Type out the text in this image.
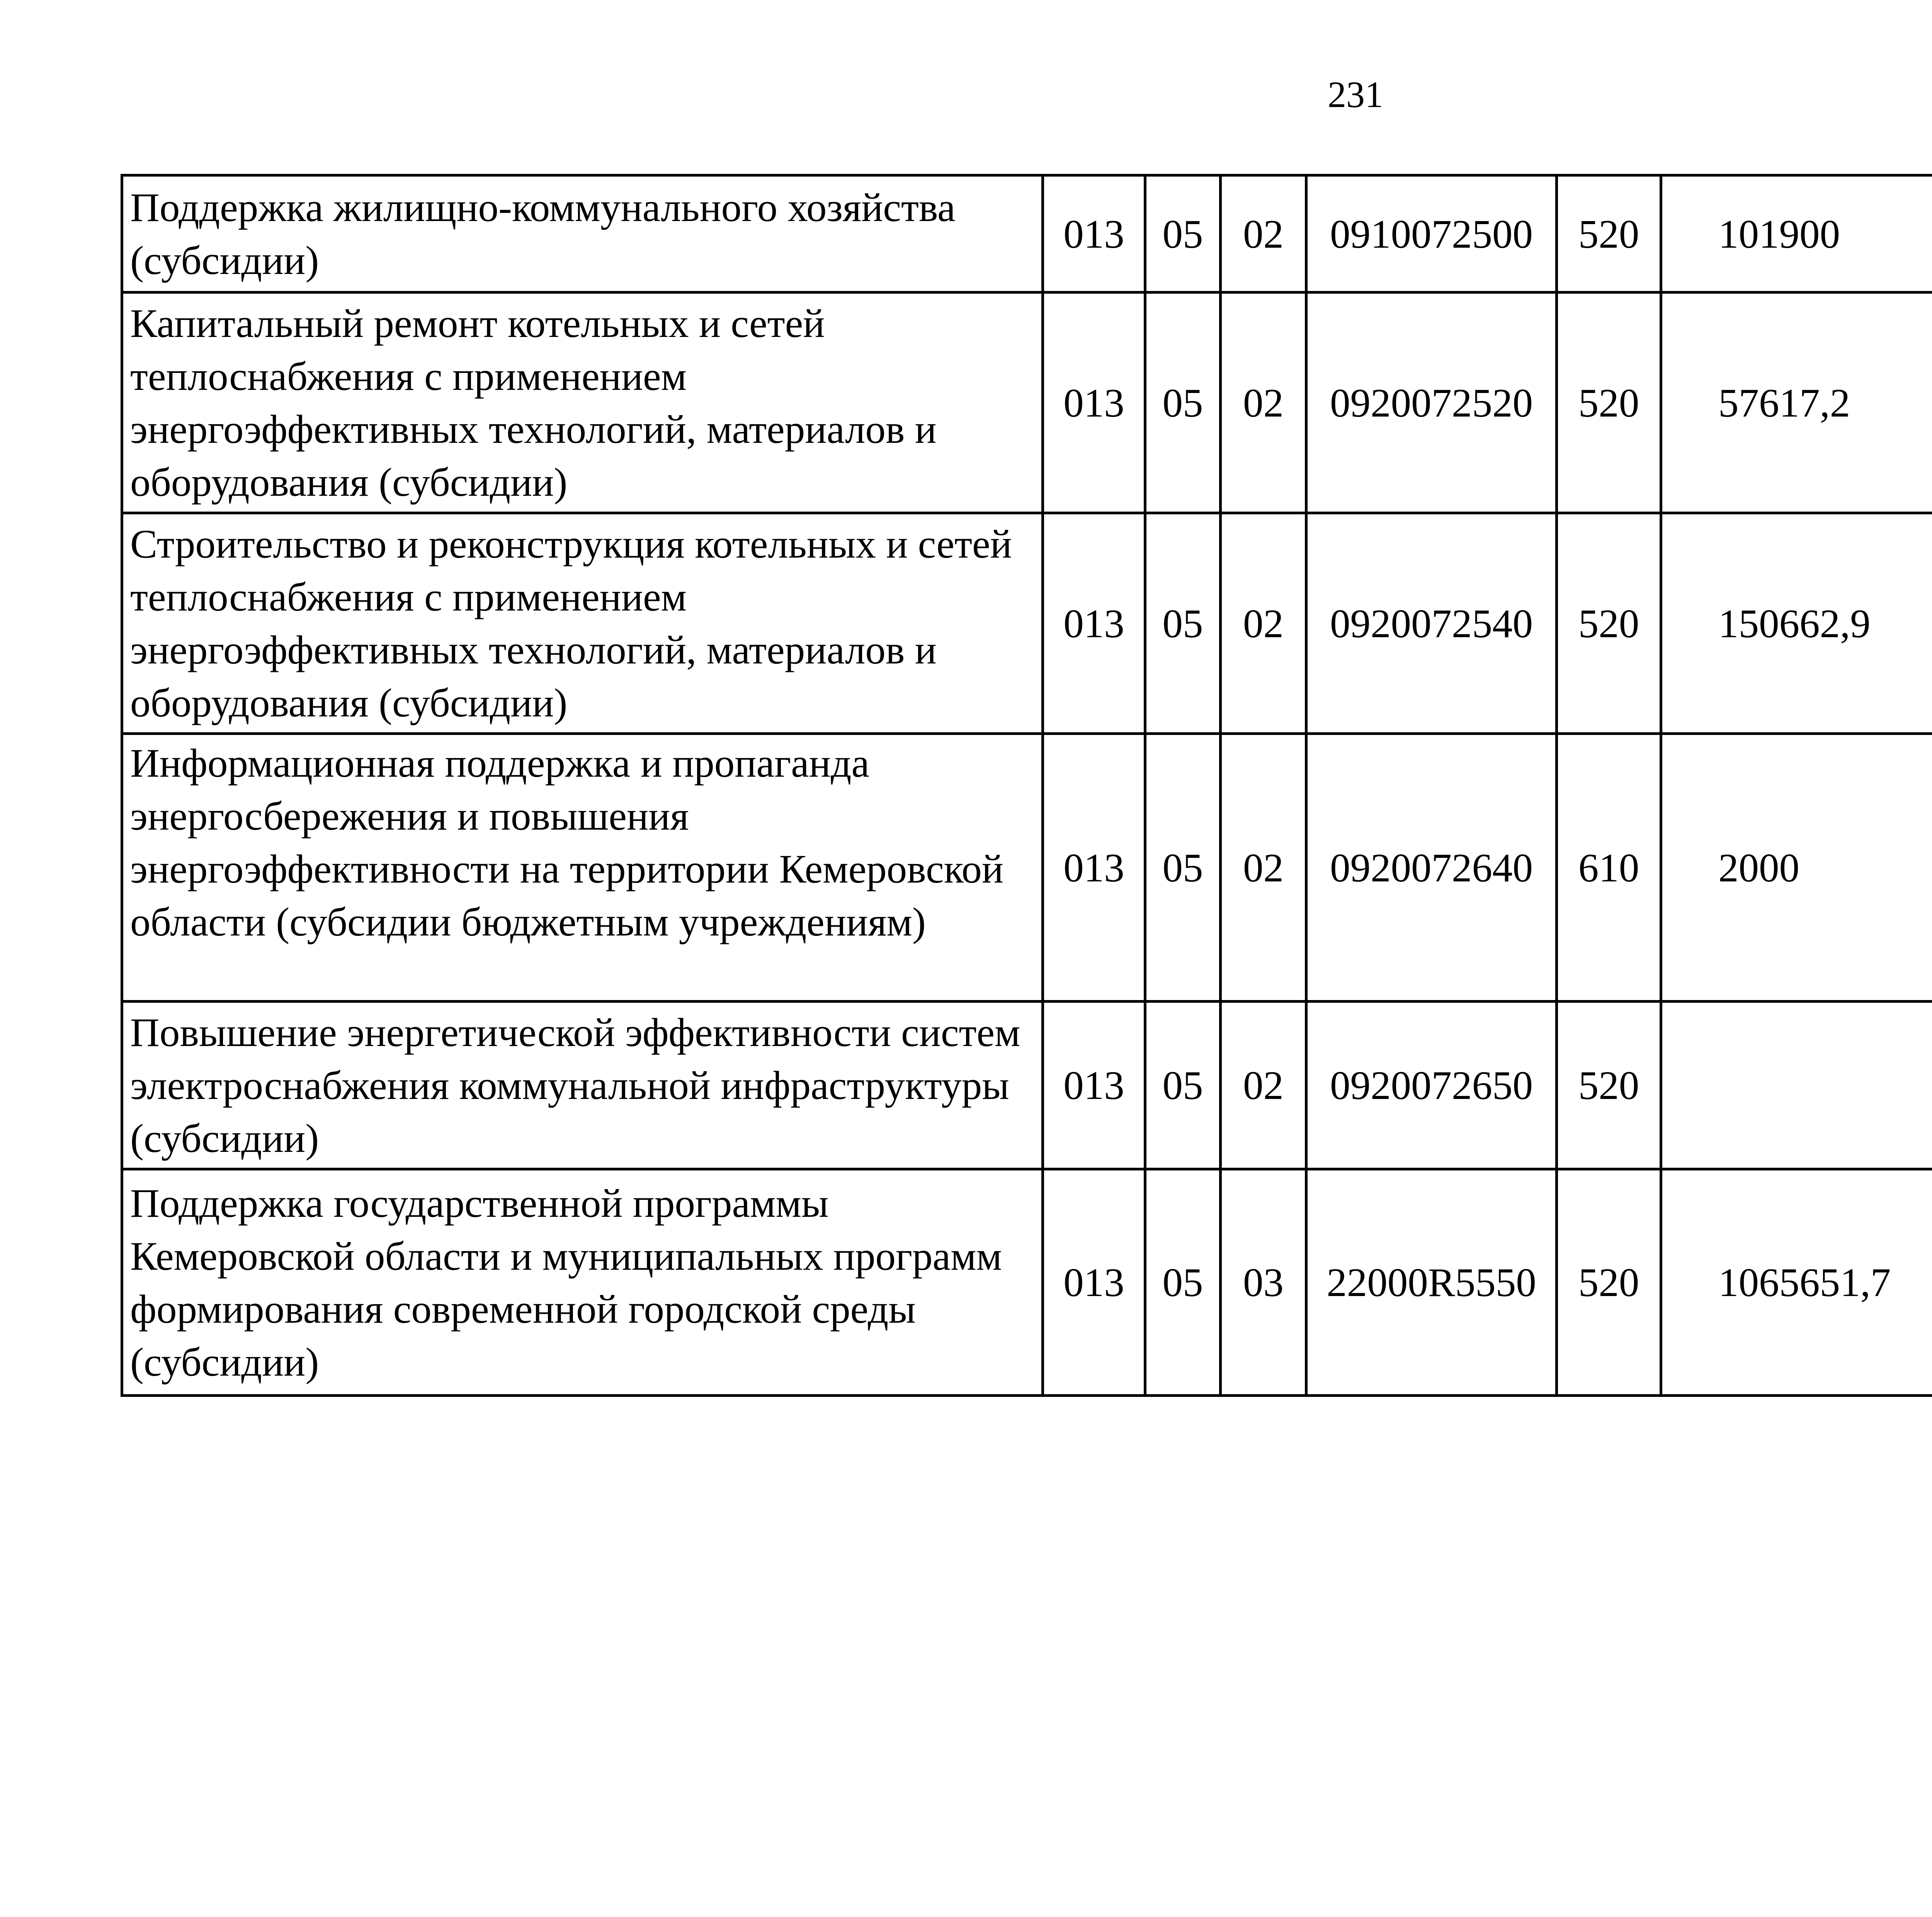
231
Поддержка жилищно-коммунального хозяйства (субсидии)	013	05	02	0910072500	520	101900		

Капитальный ремонт котельных и сетей теплоснабжения с применением энергоэффективных технологий, материалов и оборудования (субсидии)	013	05	02	0920072520	520	57617,2		

Строительство и реконструкция котельных и сетей теплоснабжения с применением энергоэффективных технологий, материалов и оборудования (субсидии)	013	05	02	0920072540	520	150662,9		

Информационная поддержка и пропаганда энергосбережения и повышения энергоэффективности на территории Кемеровской области (субсидии бюджетным учреждениям)	013	05	02	0920072640	610	2000		

Повышение энергетической эффективности систем электроснабжения коммунальной инфраструктуры (субсидии)	013	05	02	0920072650	520			

Поддержка государственной программы Кемеровской области и муниципальных программ формирования современной городской среды (субсидии)	013	05	03	22000R5550	520	1065651,7		
